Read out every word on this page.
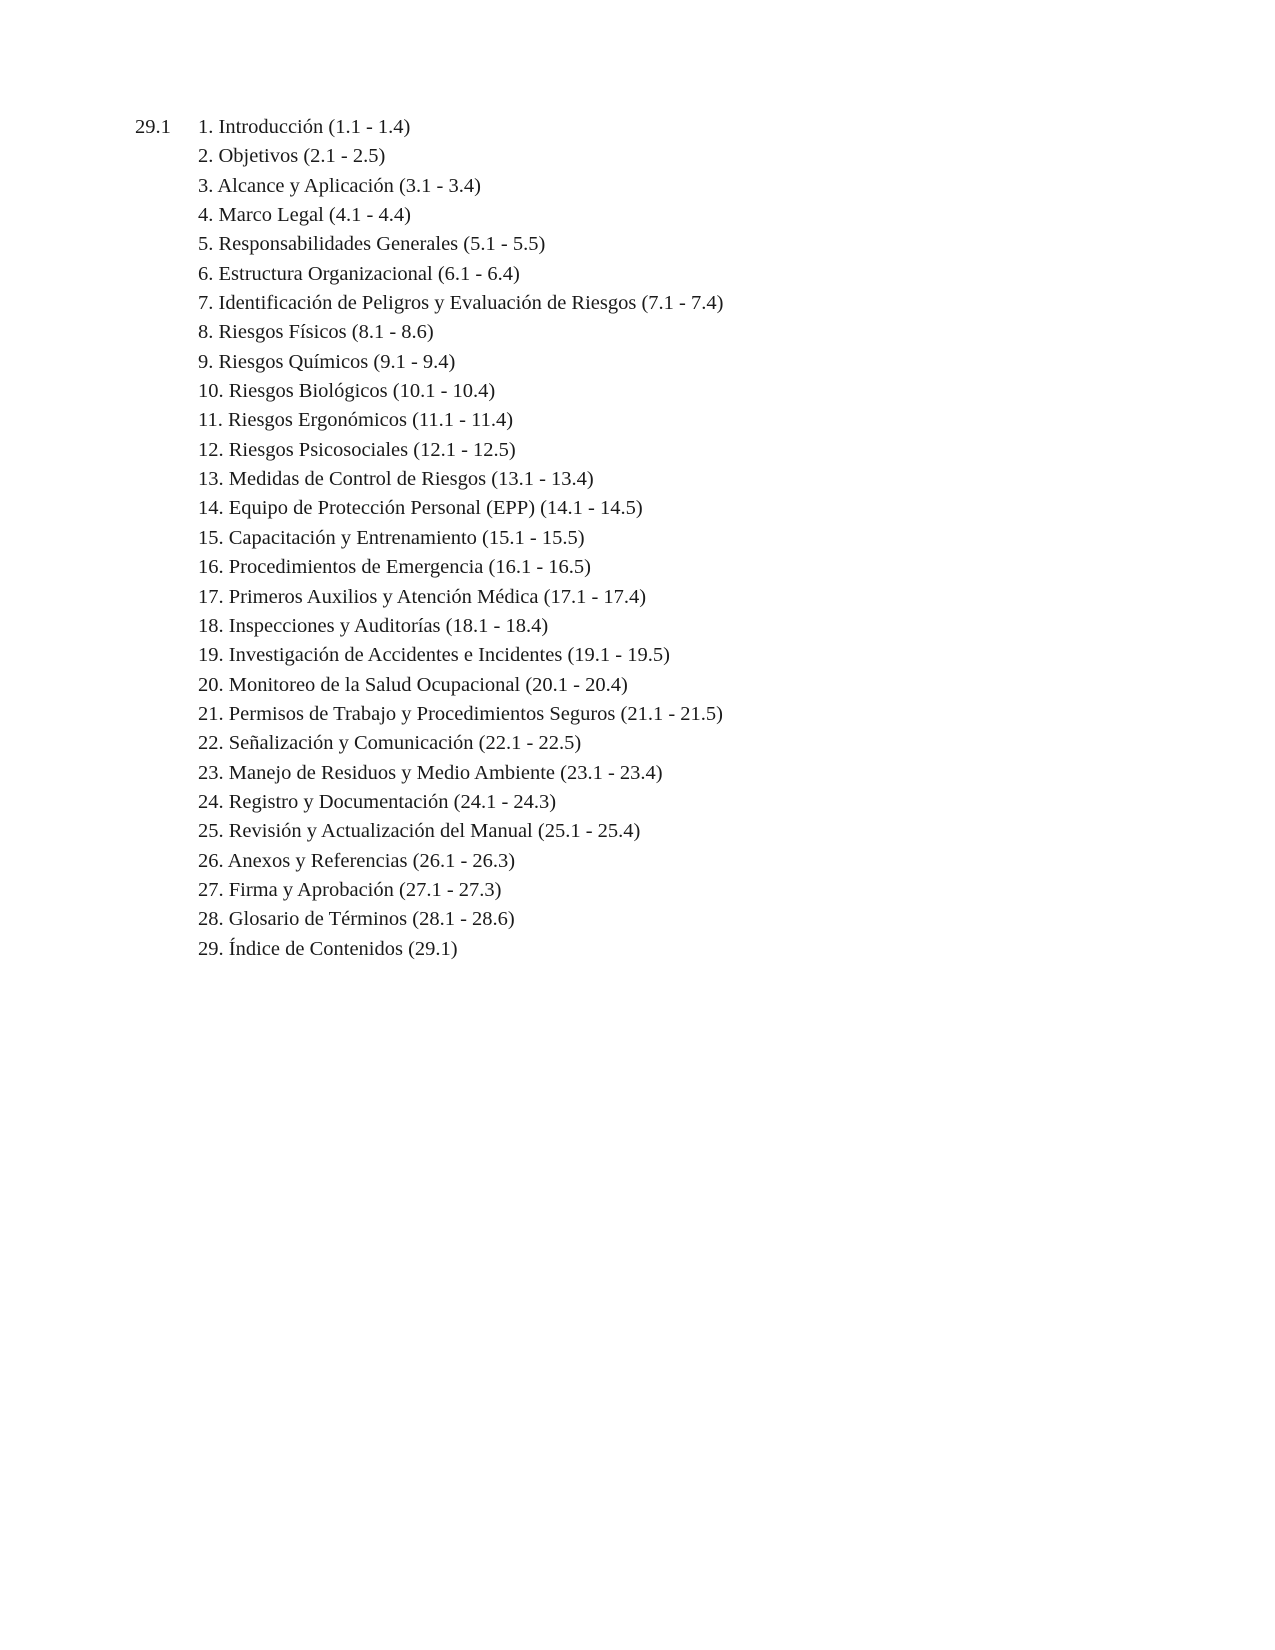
29.1 1. Introducción (1.1 - 1.4)
2. Objetivos (2.1 - 2.5)
3. Alcance y Aplicación (3.1 - 3.4)
4. Marco Legal (4.1 - 4.4)
5. Responsabilidades Generales (5.1 - 5.5)
6. Estructura Organizacional (6.1 - 6.4)
7. Identificación de Peligros y Evaluación de Riesgos (7.1 - 7.4)
8. Riesgos Físicos (8.1 - 8.6)
9. Riesgos Químicos (9.1 - 9.4)
10. Riesgos Biológicos (10.1 - 10.4)
11. Riesgos Ergonómicos (11.1 - 11.4)
12. Riesgos Psicosociales (12.1 - 12.5)
13. Medidas de Control de Riesgos (13.1 - 13.4)
14. Equipo de Protección Personal (EPP) (14.1 - 14.5)
15. Capacitación y Entrenamiento (15.1 - 15.5)
16. Procedimientos de Emergencia (16.1 - 16.5)
17. Primeros Auxilios y Atención Médica (17.1 - 17.4)
18. Inspecciones y Auditorías (18.1 - 18.4)
19. Investigación de Accidentes e Incidentes (19.1 - 19.5)
20. Monitoreo de la Salud Ocupacional (20.1 - 20.4)
21. Permisos de Trabajo y Procedimientos Seguros (21.1 - 21.5)
22. Señalización y Comunicación (22.1 - 22.5)
23. Manejo de Residuos y Medio Ambiente (23.1 - 23.4)
24. Registro y Documentación (24.1 - 24.3)
25. Revisión y Actualización del Manual (25.1 - 25.4)
26. Anexos y Referencias (26.1 - 26.3)
27. Firma y Aprobación (27.1 - 27.3)
28. Glosario de Términos (28.1 - 28.6)
29. Índice de Contenidos (29.1)
